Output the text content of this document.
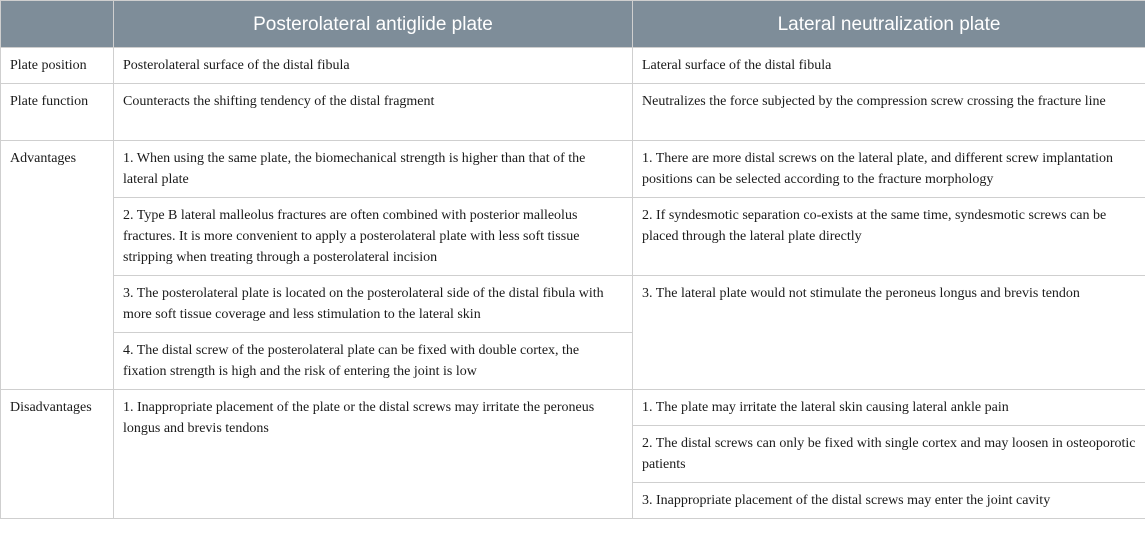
	Posterolateral antiglide plate	Lateral neutralization plate
Plate position	Posterolateral surface of the distal fibula	Lateral surface of the distal fibula
Plate function	Counteracts the shifting tendency of the distal fragment	Neutralizes the force subjected by the compression screw crossing the fracture line
Advantages	1. When using the same plate, the biomechanical strength is higher than that of the lateral plate	1. There are more distal screws on the lateral plate, and different screw implantation positions can be selected according to the fracture morphology
	2. Type B lateral malleolus fractures are often combined with posterior malleolus fractures. It is more convenient to apply a posterolateral plate with less soft tissue stripping when treating through a posterolateral incision	2. If syndesmotic separation co-exists at the same time, syndesmotic screws can be placed through the lateral plate directly
	3. The posterolateral plate is located on the posterolateral side of the distal fibula with more soft tissue coverage and less stimulation to the lateral skin	3. The lateral plate would not stimulate the peroneus longus and brevis tendon
	4. The distal screw of the posterolateral plate can be fixed with double cortex, the fixation strength is high and the risk of entering the joint is low	
Disadvantages	1. Inappropriate placement of the plate or the distal screws may irritate the peroneus longus and brevis tendons	1. The plate may irritate the lateral skin causing lateral ankle pain
		2. The distal screws can only be fixed with single cortex and may loosen in osteoporotic patients
		3. Inappropriate placement of the distal screws may enter the joint cavity
